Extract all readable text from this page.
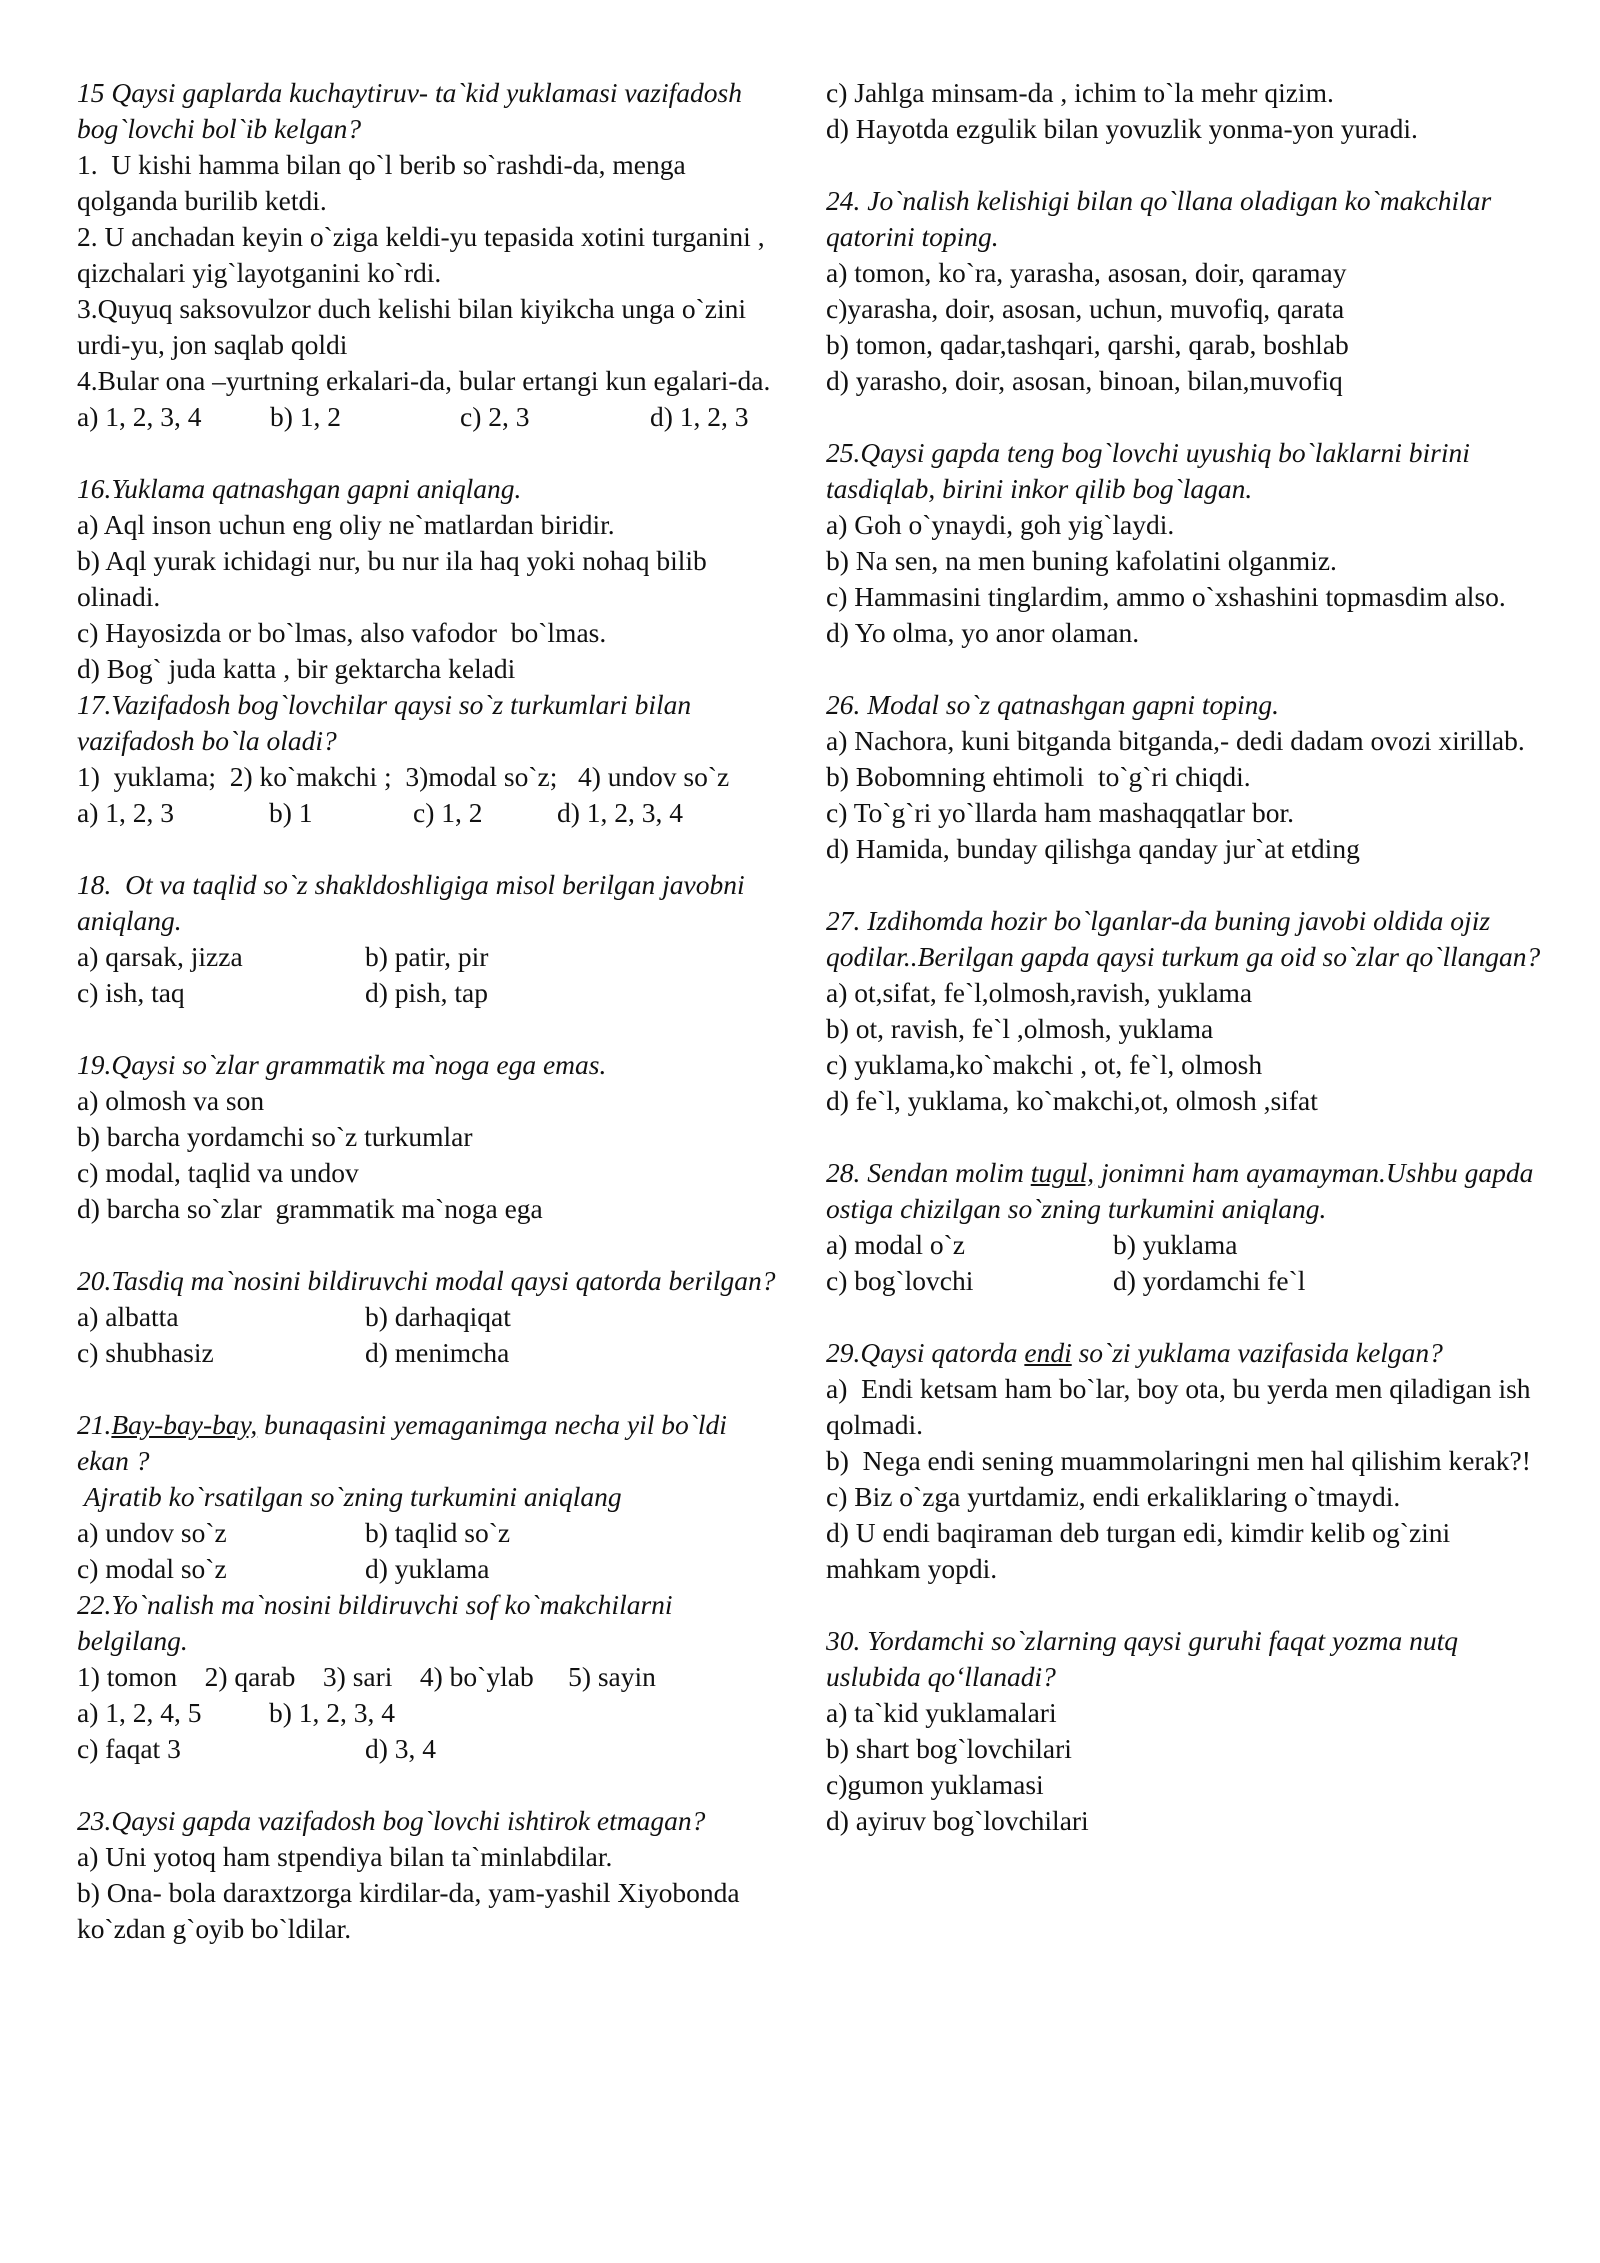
15 Qaysi gaplarda kuchaytiruv- ta`kid yuklamasi vazifadosh bog`lovchi bol`ib kelgan?
1.  U kishi hamma bilan qo`l berib so`rashdi-da, menga qolganda burilib ketdi.
2. U anchadan keyin o`ziga keldi-yu tepasida xotini turganini , qizchalari yig`layotganini ko`rdi.
3.Quyuq saksovulzor duch kelishi bilan kiyikcha unga o`zini urdi-yu, jon saqlab qoldi
4.Bular ona –yurtning erkalari-da, bular ertangi kun egalari-da.
a) 1, 2, 3, 4	b) 1, 2	c) 2, 3	d) 1, 2, 3
16.Yuklama qatnashgan gapni aniqlang.
a) Aql inson uchun eng oliy ne`matlardan biridir.
b) Aql yurak ichidagi nur, bu nur ila haq yoki nohaq bilib olinadi.
c) Hayosizda or bo`lmas, also vafodor  bo`lmas.
d) Bog` juda katta , bir gektarcha keladi
17.Vazifadosh bog`lovchilar qaysi so`z turkumlari bilan vazifadosh bo`la oladi?
1)  yuklama;  2) ko`makchi ;  3)modal so`z;   4) undov so`z
a) 1, 2, 3	b) 1	c) 1, 2	d) 1, 2, 3, 4
18.  Ot va taqlid so`z shakldoshligiga misol berilgan javobni aniqlang.
a) qarsak, jizza	b) patir, pir
c) ish, taq	d) pish, tap
19.Qaysi so`zlar grammatik ma`noga ega emas.
a) olmosh va son
b) barcha yordamchi so`z turkumlar
c) modal, taqlid va undov
d) barcha so`zlar  grammatik ma`noga ega
20.Tasdiq ma`nosini bildiruvchi modal qaysi qatorda berilgan?
a) albatta	b) darhaqiqat
c) shubhasiz	d) menimcha
21.Bay-bay-bay, bunaqasini yemaganimga necha yil bo`ldi ekan ?
Ajratib ko`rsatilgan so`zning turkumini aniqlang
a) undov so`z	b) taqlid so`z
c) modal so`z	d) yuklama
22.Yo`nalish ma`nosini bildiruvchi sof ko`makchilarni belgilang.
1) tomon    2) qarab    3) sari    4) bo`ylab     5) sayin
a) 1, 2, 4, 5	b) 1, 2, 3, 4
c) faqat 3	d) 3, 4
23.Qaysi gapda vazifadosh bog`lovchi ishtirok etmagan?
a) Uni yotoq ham stpendiya bilan ta`minlabdilar.
b) Ona- bola daraxtzorga kirdilar-da, yam-yashil Xiyobonda ko`zdan g`oyib bo`ldilar.
c) Jahlga minsam-da , ichim to`la mehr qizim.
d) Hayotda ezgulik bilan yovuzlik yonma-yon yuradi.
24. Jo`nalish kelishigi bilan qo`llana oladigan ko`makchilar qatorini toping.
a) tomon, ko`ra, yarasha, asosan, doir, qaramay
c)yarasha, doir, asosan, uchun, muvofiq, qarata
b) tomon, qadar,tashqari, qarshi, qarab, boshlab
d) yarasho, doir, asosan, binoan, bilan,muvofiq
25.Qaysi gapda teng bog`lovchi uyushiq bo`laklarni birini tasdiqlab, birini inkor qilib bog`lagan.
a) Goh o`ynaydi, goh yig`laydi.
b) Na sen, na men buning kafolatini olganmiz.
c) Hammasini tinglardim, ammo o`xshashini topmasdim also.
d) Yo olma, yo anor olaman.
26. Modal so`z qatnashgan gapni toping.
a) Nachora, kuni bitganda bitganda,- dedi dadam ovozi xirillab.
b) Bobomning ehtimoli  to`g`ri chiqdi.
c) To`g`ri yo`llarda ham mashaqqatlar bor.
d) Hamida, bunday qilishga qanday jur`at etding
27. Izdihomda hozir bo`lganlar-da buning javobi oldida ojiz qodilar..Berilgan gapda qaysi turkum ga oid so`zlar qo`llangan?
a) ot,sifat, fe`l,olmosh,ravish, yuklama
b) ot, ravish, fe`l ,olmosh, yuklama
c) yuklama,ko`makchi , ot, fe`l, olmosh
d) fe`l, yuklama, ko`makchi,ot, olmosh ,sifat
28. Sendan molim tugul, jonimni ham ayamayman.Ushbu gapda ostiga chizilgan so`zning turkumini aniqlang.
a) modal o`z	b) yuklama
c) bog`lovchi	d) yordamchi fe`l
29.Qaysi qatorda endi so`zi yuklama vazifasida kelgan?
a)  Endi ketsam ham bo`lar, boy ota, bu yerda men qiladigan ish qolmadi.
b)  Nega endi sening muammolaringni men hal qilishim kerak?!
c) Biz o`zga yurtdamiz, endi erkaliklaring o`tmaydi.
d) U endi baqiraman deb turgan edi, kimdir kelib og`zini mahkam yopdi.
30. Yordamchi so`zlarning qaysi guruhi faqat yozma nutq uslubida qo‘llanadi?
a) ta`kid yuklamalari
b) shart bog`lovchilari
c)gumon yuklamasi
d) ayiruv bog`lovchilari
